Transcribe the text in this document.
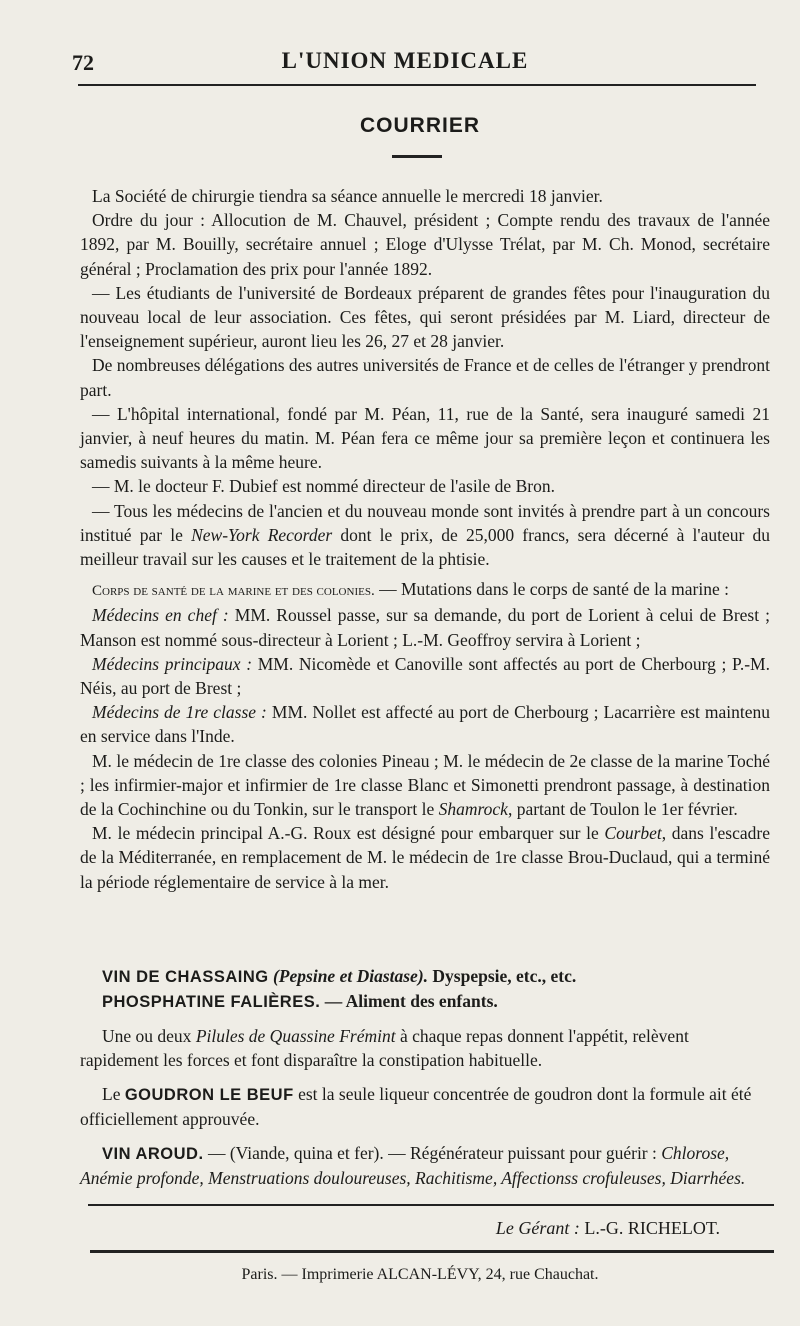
72	L'UNION MEDICALE
COURRIER

La Société de chirurgie tiendra sa séance annuelle le mercredi 18 janvier.

Ordre du jour : Allocution de M. Chauvel, président ; Compte rendu des travaux de l'année 1892, par M. Bouilly, secrétaire annuel ; Eloge d'Ulysse Trélat, par M. Ch. Monod, secrétaire général ; Proclamation des prix pour l'année 1892.

— Les étudiants de l'université de Bordeaux préparent de grandes fêtes pour l'inauguration du nouveau local de leur association. Ces fêtes, qui seront présidées par M. Liard, directeur de l'enseignement supérieur, auront lieu les 26, 27 et 28 janvier.

De nombreuses délégations des autres universités de France et de celles de l'étranger y prendront part.

— L'hôpital international, fondé par M. Péan, 11, rue de la Santé, sera inauguré samedi 21 janvier, à neuf heures du matin. M. Péan fera ce même jour sa première leçon et continuera les samedis suivants à la même heure.

— M. le docteur F. Dubief est nommé directeur de l'asile de Bron.

— Tous les médecins de l'ancien et du nouveau monde sont invités à prendre part à un concours institué par le New-York Recorder dont le prix, de 25,000 francs, sera décerné à l'auteur du meilleur travail sur les causes et le traitement de la phtisie.

Corps de santé de la marine et des colonies. — Mutations dans le corps de santé de la marine :

Médecins en chef : MM. Roussel passe, sur sa demande, du port de Lorient à celui de Brest ; Manson est nommé sous-directeur à Lorient ; L.-M. Geoffroy servira à Lorient ;

Médecins principaux : MM. Nicomède et Canoville sont affectés au port de Cherbourg ; P.-M. Néis, au port de Brest ;

Médecins de 1re classe : MM. Nollet est affecté au port de Cherbourg ; Lacarrière est maintenu en service dans l'Inde.

M. le médecin de 1re classe des colonies Pineau ; M. le médecin de 2e classe de la marine Toché ; les infirmier-major et infirmier de 1re classe Blanc et Simonetti prendront passage, à destination de la Cochinchine ou du Tonkin, sur le transport le Shamrock, partant de Toulon le 1er février.

M. le médecin principal A.-G. Roux est désigné pour embarquer sur le Courbet, dans l'escadre de la Méditerranée, en remplacement de M. le médecin de 1re classe Brou-Duclaud, qui a terminé la période réglementaire de service à la mer.

VIN DE CHASSAING (Pepsine et Diastase). Dyspepsie, etc., etc.

PHOSPHATINE FALIÈRES. — Aliment des enfants.

Une ou deux Pilules de Quassine Frémint à chaque repas donnent l'appétit, relèvent rapidement les forces et font disparaître la constipation habituelle.

Le GOUDRON LE BEUF est la seule liqueur concentrée de goudron dont la formule ait été officiellement approuvée.

VIN AROUD. — (Viande, quina et fer). — Régénérateur puissant pour guérir : Chlorose, Anémie profonde, Menstruations douloureuses, Rachitisme, Affectionss crofuleuses, Diarrhées.

Le Gérant : L.-G. RICHELOT.
Paris. — Imprimerie ALCAN-LÉVY, 24, rue Chauchat.
